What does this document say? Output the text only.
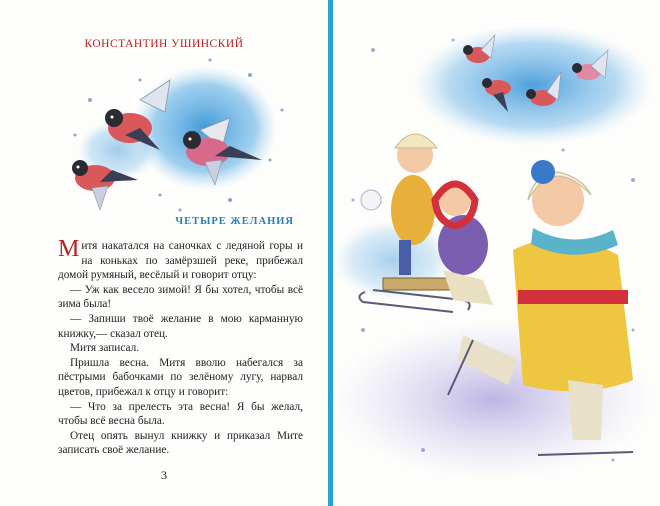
КОНСТАНТИН УШИНСКИЙ
ЧЕТЫРЕ ЖЕЛАНИЯ

Митя накатался на саночках с ледяной горы и на коньках по замёрзшей реке, прибежал домой румяный, весёлый и говорит отцу:

— Уж как весело зимой! Я бы хотел, чтобы всё зима была!

— Запиши твоё желание в мою карманную книжку,— сказал отец.

Митя записал.

Пришла весна. Митя вволю набегался за пёстрыми бабочками по зелёному лугу, нарвал цветов, прибежал к отцу и говорит:

— Что за прелесть эта весна! Я бы желал, чтобы всё весна была.

Отец опять вынул книжку и приказал Мите записать своё желание.

3
